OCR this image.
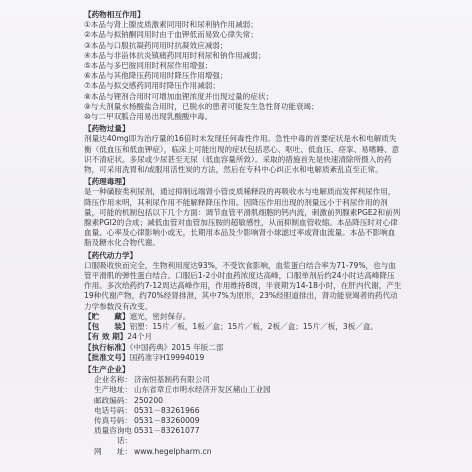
【药物相互作用】
①本品与肾上腺皮质激素同用时和尿利钠作用减弱；
②本品与拟钠酮同用时由于血钾低而易致心律失常；
③本品与口服抗凝药同用时抗凝效应减弱；
④本品与非甾体抗炎镇痛药同用时利尿和钠作用减弱；
⑤本品与多巴胺同用时利尿作用增强；
⑥本品与其他降压药同用时降压作用增强；
⑦本品与拟交感药同用时降压作用减弱；
⑧本品与锂剂合用时可增加血锂浓度并出现过量的症状；
⑨与大剂量水杨酸盐合用时，已脱水的患者可能发生急性肾功能衰竭；
⑩与二甲双胍合用易出现乳酸酸中毒。
【药物过量】
剂量达40mg即为治疗量的16倍时未发现任何毒性作用。急性中毒的首要症状是水和电解质失衡（低血压和低血钾症），临床上可能出现的症状包括恶心、呕吐、低血压、痉挛、易嗜睡、意识不清症状。多尿或少尿甚至无尿（低血容量所致）。采取的措施首先是快速清除所摄入的药物，可采用洗胃和/或服用活性炭的方法，然后在专科中心纠正水和电解质紊乱直至正常。
【药理毒理】
是一种磺胺类利尿剂，通过抑制远端肾小管皮质稀释段的再吸收水与电解质而发挥利尿作用，降压作用未明，其利尿作用不能解释降压作用。因降压作用出现的剂量远小于利尿作用的剂量，可能的机制包括以下几个方面：调节血管平滑肌细胞的钙内流，刺激前列腺素PGE2和前列腺素PGI2的合成；减低血管对血管加压胺的超敏感性，从而抑制血管收缩。本品降压时对心律血量、心率及心律影响小或无，长期用本品及少影响肾小球滤过率或肾血流量。本品不影响血脂及糖水化合物代谢。
【药代动力学】
口服吸收快而完全，生物利用度达93%，不受饮食影响，血浆蛋白结合率为71-79%，也与血管平滑肌的弹性蛋白结合。口服后1-2小时血药浓度达高峰，口服单剂后约24小时达高峰降压作用。多次给药约7-12周达高峰作用，作用维持8周，半衰期为14-18小时，在肝内代谢，产生19种代谢产物，约70%经肾排泄，其中7%为原形，23%经胆道排出，肾功能衰竭者的药代动力学参数没有改变。
【贮　　藏】遮光，密封保存。
【包　　装】铝塑：15片／板，1板／盒；15片／板，2板／盒；15片／板，3板／盒。
【有 效 期】24个月
【执行标准】《中国药典》2015 年版二部
【批准文号】国药准字H19994019
【生产企业】
企业名称： 济南恒基制药有限公司
生产地址： 山东省章丘市明水经济开发区赭山工业园
邮政编码： 250200
电话号码： 0531－83261966
传真号码： 0531－83260009
质量咨询电话：
0531－83261077
网　　址： www.hegelpharm.cn
